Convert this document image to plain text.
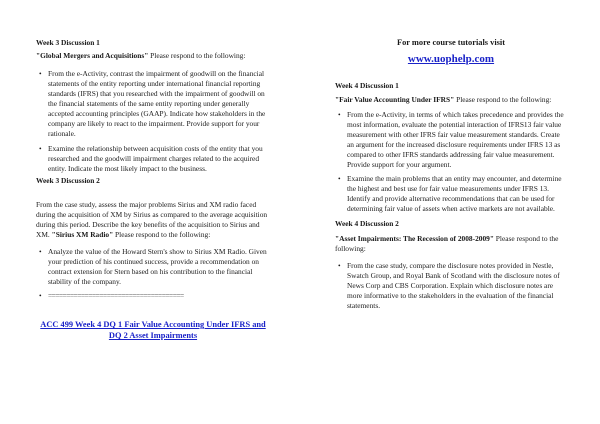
Week 3 Discussion 1

"Global Mergers and Acquisitions" Please respond to the following:

• From the e-Activity, contrast the impairment of goodwill on the financial statements of the entity reporting under international financial reporting standards (IFRS) that you researched with the impairment of goodwill on the financial statements of the same entity reporting under generally accepted accounting principles (GAAP). Indicate how stakeholders in the company are likely to react to the impairment. Provide support for your rationale.
• Examine the relationship between acquisition costs of the entity that you researched and the goodwill impairment charges related to the acquired entity. Indicate the most likely impact to the business.

Week 3 Discussion 2

From the case study, assess the major problems Sirius and XM radio faced during the acquisition of XM by Sirius as compared to the average acquisition during this period. Describe the key benefits of the acquisition to Sirius and XM. "Sirius XM Radio" Please respond to the following:

• Analyze the value of the Howard Stern's show to Sirius XM Radio. Given your prediction of his continued success, provide a recommendation on contract extension for Stern based on his contribution to the financial stability of the company.
• =====================================

ACC 499 Week 4 DQ 1 Fair Value Accounting Under IFRS and DQ 2 Asset Impairments

For more course tutorials visit

www.uophelp.com

Week 4 Discussion 1

"Fair Value Accounting Under IFRS" Please respond to the following:

• From the e-Activity, in terms of which takes precedence and provides the most information, evaluate the potential interaction of IFRS13 fair value measurement with other IFRS fair value measurement standards. Create an argument for the increased disclosure requirements under IFRS 13 as compared to other IFRS standards addressing fair value measurement. Provide support for your argument.
• Examine the main problems that an entity may encounter, and determine the highest and best use for fair value measurements under IFRS 13. Identify and provide alternative recommendations that can be used for determining fair value of assets when active markets are not available.

Week 4 Discussion 2

"Asset Impairments: The Recession of 2008-2009" Please respond to the following:

• From the case study, compare the disclosure notes provided in Nestle, Swatch Group, and Royal Bank of Scotland with the disclosure notes of News Corp and CBS Corporation. Explain which disclosure notes are more informative to the stakeholders in the evaluation of the financial statements.
